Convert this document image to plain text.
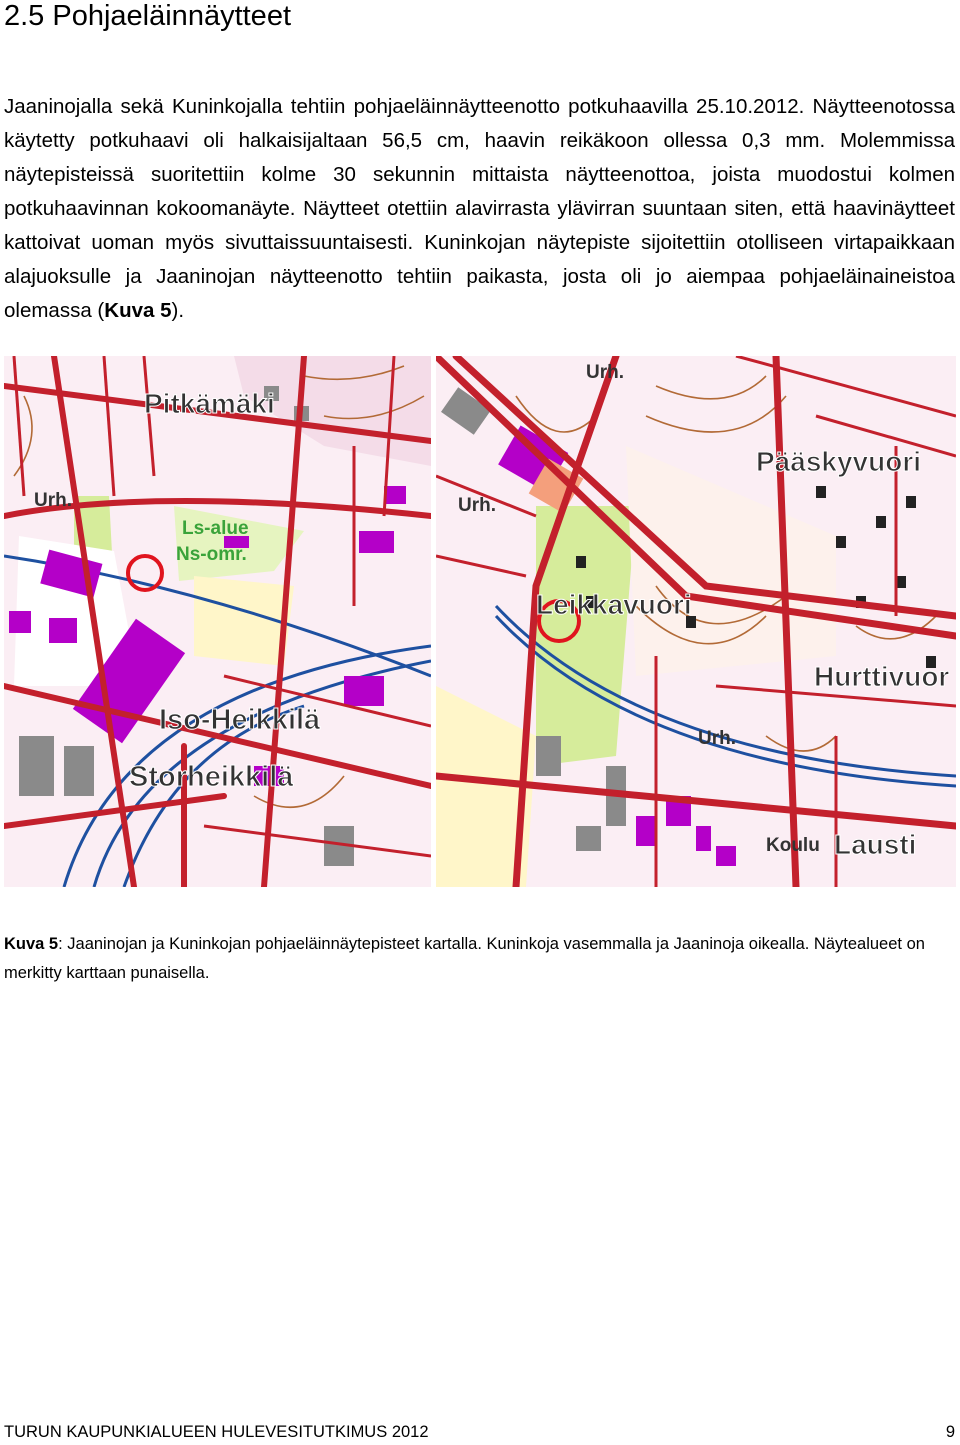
2.5 Pohjaeläinnäytteet

Jaaninojalla sekä Kuninkojalla tehtiin pohjaeläinnäytteenotto potkuhaavilla 25.10.2012. Näytteenotossa käytetty potkuhaavi oli halkaisijaltaan 56,5 cm, haavin reikäkoon ollessa 0,3 mm. Molemmissa näytepisteissä suoritettiin kolme 30 sekunnin mittaista näytteenottoa, joista muodostui kolmen potkuhaavinnan kokoomanäyte. Näytteet otettiin alavirrasta ylävirran suuntaan siten, että haavinäytteet kattoivat uoman myös sivuttaissuuntaisesti. Kuninkojan näytepiste sijoitettiin otolliseen virtapaikkaan alajuoksulle ja Jaaninojan näytteenotto tehtiin paikasta, josta oli jo aiempaa pohjaeläinaineistoa olemassa (Kuva 5).

Pitkämäki
Urh.
Ls-alue
Ns-omr.
Iso-Heikkilä
Storheikkilä
Urh.
Pääskyvuori
Urh.
Leikkavuori
Hurttivuor
Urh.
Koulu Lausti

Kuva 5: Jaaninojan ja Kuninkojan pohjaeläinnäytepisteet kartalla. Kuninkoja vasemmalla ja Jaaninoja oikealla. Näytealueet on merkitty karttaan punaisella.

TURUN KAUPUNKIALUEEN HULEVESITUTKIMUS 2012	9
